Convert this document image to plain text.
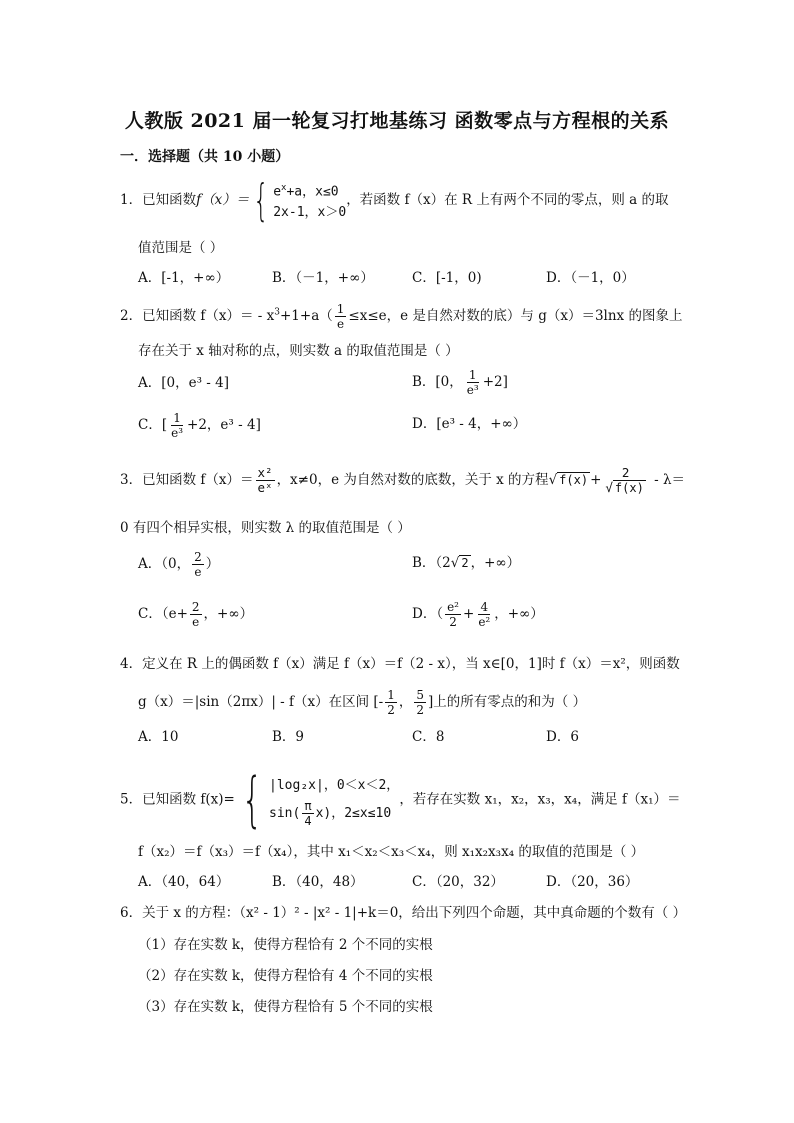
人教版 2021 届一轮复习打地基练习 函数零点与方程根的关系
一．选择题（共 10 小题）
1．已知函数f（x）＝{ $e^x+a$，x≤0
2x-1，x＞0
，若函数 f（x）在 R 上有两个不同的零点，则 a 的取
值范围是（ ）
A．[-1，+∞）	B．（－1，+∞）	C．[-1，0)	D．（－1，0）
2．已知函数 $f(x)= - x^3+1+a( \frac{1}{e} \le x\le e$，e 是自然对数的底）与 g（x）＝3lnx 的图象上
存在关于 x 轴对称的点，则实数 a 的取值范围是（ ）
A．[0，e³ - 4]	B．[0， $\frac{1}{\text{e³}} +2$]
C．[ $\frac{1}{\text{e³}} +2$，e³ - 4]	D．[e³ - 4，+∞）
3．已知函数 $f(x)= \frac{\text{x²}}{\text{eˣ}}$ ，x≠0，e 为自然对数的底数，关于 x 的方程√ $f(x) + \frac{2}{√ f(x)} - \lambda=$
0 有四个相异实根，则实数 λ 的取值范围是（ ）
A．（0， $\frac{2}{e}$ ）	B．（2√ 2 ，+∞）
C．（$e+ \frac{2}{e}$ ，+∞）	D．（ $\frac{\text{e²}}{2} + \frac{4}{\text{e²}}$ ，+∞）
4．定义在 R 上的偶函数 f（x）满足 f（x）＝f（2 - x），当 x∈[0，1]时 f（x）＝x²，则函数
g（x）＝|sin（2πx）| - f（x）在区间 [- $\frac{1}{2}$ ， $\frac{5}{2}$ ]上的所有零点的和为（ ）
A．10	B．9	C．8	D．6
5．已知函数 f(x)= { |log₂x|，0＜x＜2，
$\sin( \frac{\pi}{4} x)$，2≤x≤10
，若存在实数 x₁，x₂，x₃，x₄，满足 f（x₁）＝
f（x₂）＝f（x₃）＝f（x₄），其中 x₁＜x₂＜x₃＜x₄，则 x₁x₂x₃x₄ 的取值的范围是（ ）
A．（40，64）	B．（40，48）	C．（20，32）	D．（20，36）
6．关于 x 的方程：（x² - 1）² - |x² - 1|+k＝0，给出下列四个命题，其中真命题的个数有（ ）
（1）存在实数 k，使得方程恰有 2 个不同的实根
（2）存在实数 k，使得方程恰有 4 个不同的实根
（3）存在实数 k，使得方程恰有 5 个不同的实根
